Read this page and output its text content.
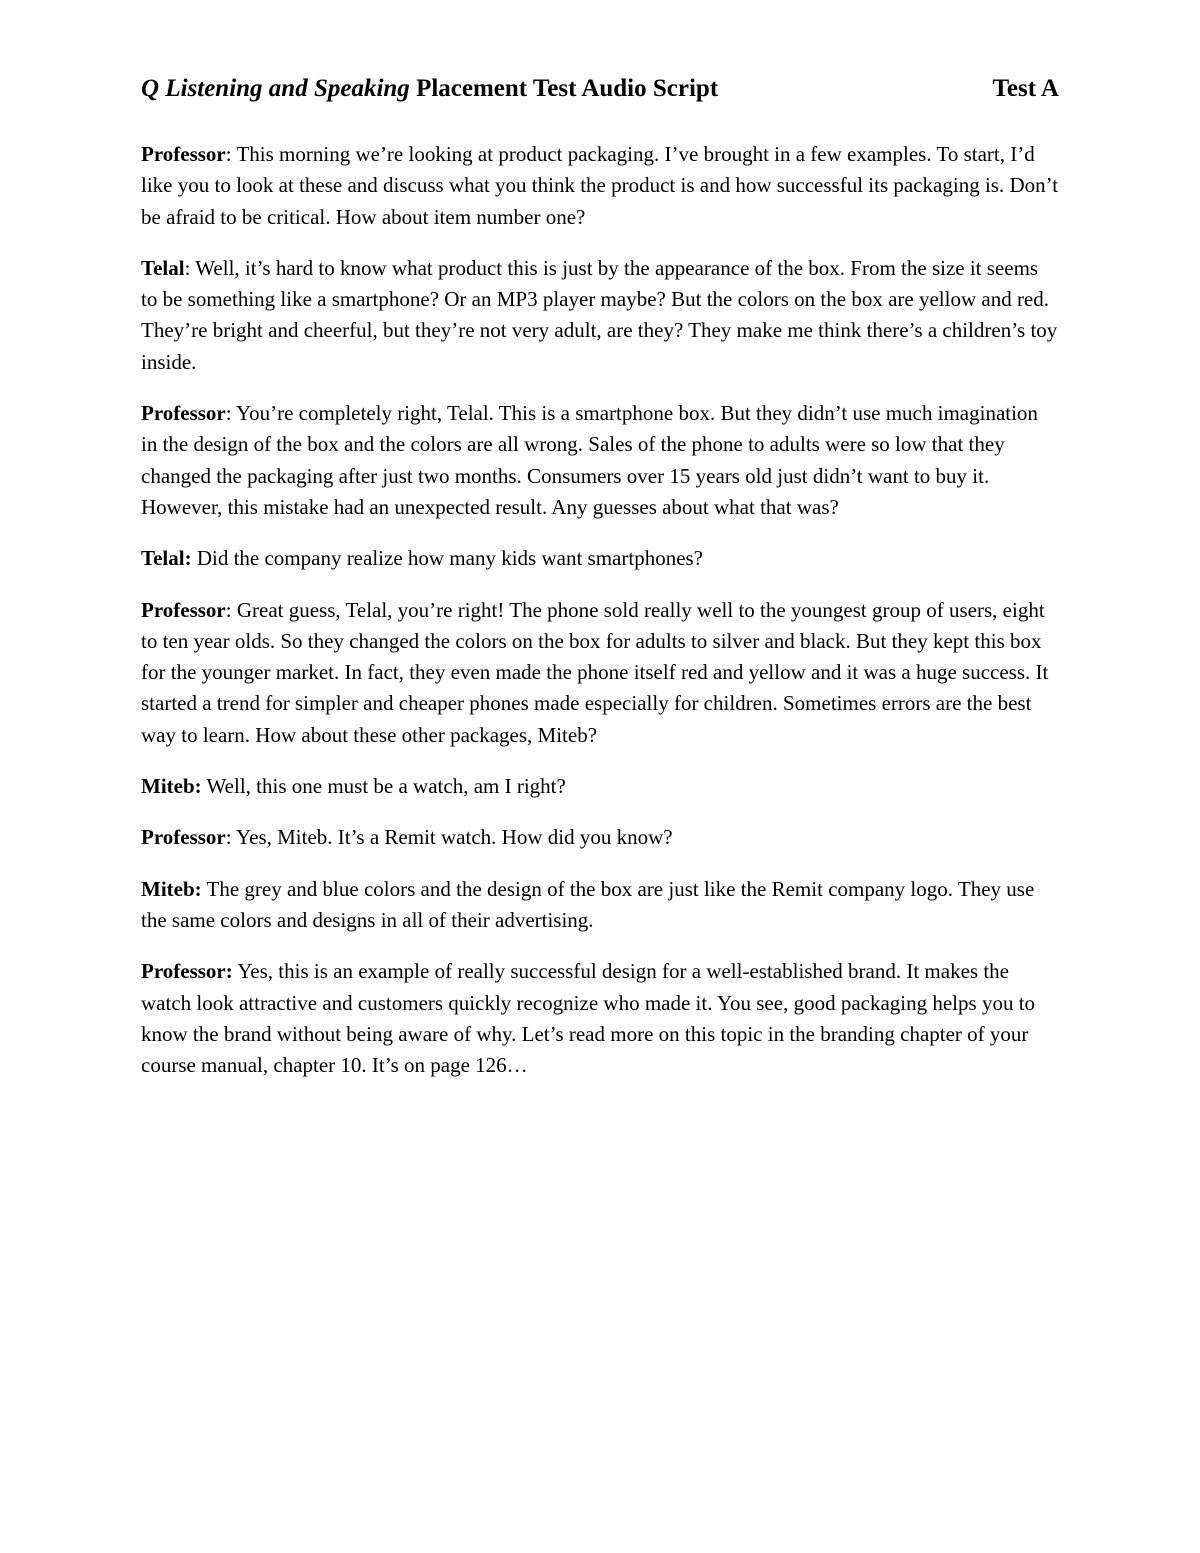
Q Listening and Speaking Placement Test Audio Script	Test A

Professor: This morning we’re looking at product packaging. I’ve brought in a few examples. To start, I’d like you to look at these and discuss what you think the product is and how successful its packaging is. Don’t be afraid to be critical. How about item number one?

Telal: Well, it’s hard to know what product this is just by the appearance of the box. From the size it seems to be something like a smartphone? Or an MP3 player maybe? But the colors on the box are yellow and red. They’re bright and cheerful, but they’re not very adult, are they? They make me think there’s a children’s toy inside.

Professor: You’re completely right, Telal. This is a smartphone box. But they didn’t use much imagination in the design of the box and the colors are all wrong. Sales of the phone to adults were so low that they changed the packaging after just two months. Consumers over 15 years old just didn’t want to buy it. However, this mistake had an unexpected result. Any guesses about what that was?

Telal: Did the company realize how many kids want smartphones?

Professor: Great guess, Telal, you’re right! The phone sold really well to the youngest group of users, eight to ten year olds. So they changed the colors on the box for adults to silver and black. But they kept this box for the younger market. In fact, they even made the phone itself red and yellow and it was a huge success. It started a trend for simpler and cheaper phones made especially for children. Sometimes errors are the best way to learn. How about these other packages, Miteb?

Miteb: Well, this one must be a watch, am I right?

Professor: Yes, Miteb. It’s a Remit watch. How did you know?

Miteb: The grey and blue colors and the design of the box are just like the Remit company logo. They use the same colors and designs in all of their advertising.

Professor: Yes, this is an example of really successful design for a well-established brand. It makes the watch look attractive and customers quickly recognize who made it. You see, good packaging helps you to know the brand without being aware of why. Let’s read more on this topic in the branding chapter of your course manual, chapter 10. It’s on page 126…
